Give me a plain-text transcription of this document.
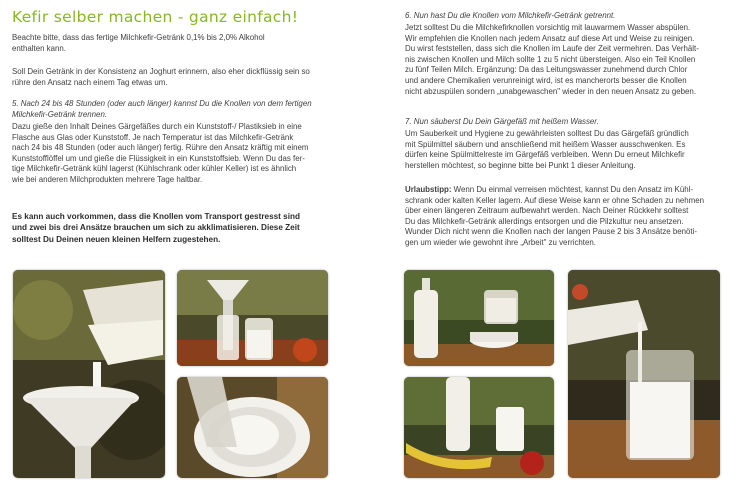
Kefir selber machen - ganz einfach!
Beachte bitte, dass das fertige Milchkefir-Getränk 0,1% bis 2,0% Alkohol
enthalten kann.
Soll Dein Getränk in der Konsistenz an Joghurt erinnern, also eher dickflüssig sein so
rühre den Ansatz nach einem Tag etwas um.
5. Nach 24 bis 48 Stunden (oder auch länger) kannst Du die Knollen von dem fertigen
Milchkefir-Getränk trennen.
Dazu gieße den Inhalt Deines Gärgefäßes durch ein Kunststoff-/ Plastiksieb in eine
Flasche aus Glas oder Kunststoff. Je nach Temperatur ist das Milchkefir-Getränk
nach 24 bis 48 Stunden (oder auch länger) fertig. Rühre den Ansatz kräftig mit einem
Kunststofflöffel um und gieße die Flüssigkeit in ein Kunststoffsieb. Wenn Du das fer-
tige Milchkefir-Getränk kühl lagerst (Kühlschrank oder kühler Keller) ist es ähnlich
wie bei anderen Milchprodukten mehrere Tage haltbar.
Es kann auch vorkommen, dass die Knollen vom Transport gestresst sind
und zwei bis drei Ansätze brauchen um sich zu akklimatisieren. Diese Zeit
solltest Du Deinen neuen kleinen Helfern zugestehen.
6. Nun hast Du die Knollen vom Milchkefir-Getränk getrennt.
Jetzt solltest Du die Milchkefirknollen vorsichtig mit lauwarmem Wasser abspülen.
Wir empfehlen die Knollen nach jedem Ansatz auf diese Art und Weise zu reinigen.
Du wirst feststellen, dass sich die Knollen im Laufe der Zeit vermehren. Das Verhält-
nis zwischen Knollen und Milch sollte 1 zu 5 nicht übersteigen. Also ein Teil Knollen
zu fünf Teilen Milch. Ergänzung: Da das Leitungswasser zunehmend durch Chlor
und andere Chemikalien verunreinigt wird, ist es mancherorts besser die Knollen
nicht abzuspülen sondern „unabgewaschen" wieder in den neuen Ansatz zu geben.
7. Nun säuberst Du Dein Gärgefäß mit heißem Wasser.
Um Sauberkeit und Hygiene zu gewährleisten solltest Du das Gärgefäß gründlich
mit Spülmittel säubern und anschließend mit heißem Wasser ausschwenken. Es
dürfen keine Spülmittelreste im Gärgefäß verbleiben. Wenn Du erneut Milchkefir
herstellen möchtest, so beginne bitte bei Punkt 1 dieser Anleitung.
Urlaubstipp: Wenn Du einmal verreisen möchtest, kannst Du den Ansatz im Kühl-
schrank oder kalten Keller lagern. Auf diese Weise kann er ohne Schaden zu nehmen
über einen längeren Zeitraum aufbewahrt werden. Nach Deiner Rückkehr solltest
Du das Milchkefir-Getränk allerdings entsorgen und die Pilzkultur neu ansetzen.
Wunder Dich nicht wenn die Knollen nach der langen Pause 2 bis 3 Ansätze benöti-
gen um wieder wie gewohnt ihre „Arbeit" zu verrichten.
